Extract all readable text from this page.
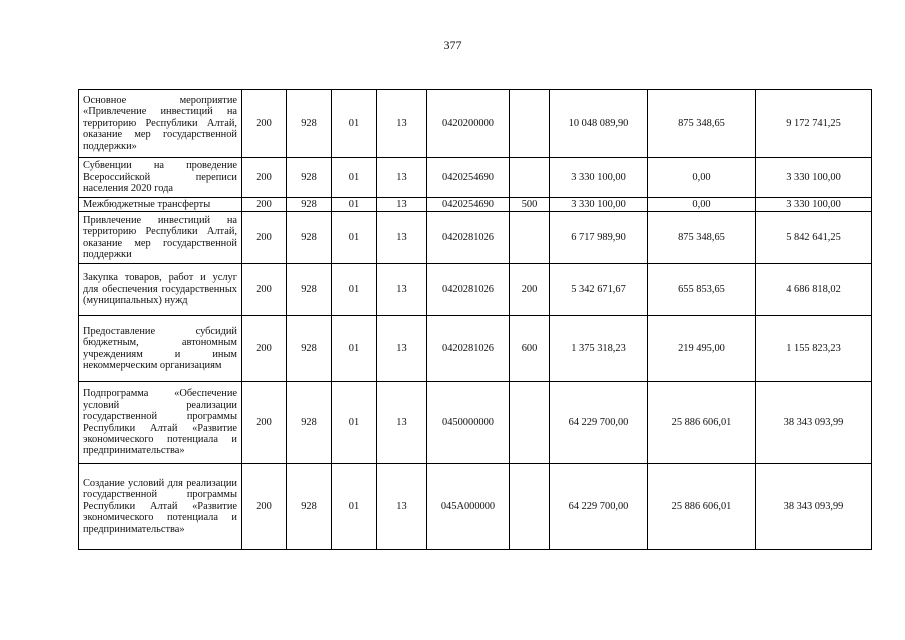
377
Основное мероприятие «Привлечение инвестиций на территорию Республики Алтай, оказание мер государственной поддержки»	200	928	01	13	0420200000		10 048 089,90	875 348,65	9 172 741,25
Субвенции на проведение Всероссийской переписи населения 2020 года	200	928	01	13	0420254690		3 330 100,00	0,00	3 330 100,00
Межбюджетные трансферты	200	928	01	13	0420254690	500	3 330 100,00	0,00	3 330 100,00
Привлечение инвестиций на территорию Республики Алтай, оказание мер государственной поддержки	200	928	01	13	0420281026		6 717 989,90	875 348,65	5 842 641,25
Закупка товаров, работ и услуг для обеспечения государственных (муниципальных) нужд	200	928	01	13	0420281026	200	5 342 671,67	655 853,65	4 686 818,02
Предоставление субсидий бюджетным, автономным учреждениям и иным некоммерческим организациям	200	928	01	13	0420281026	600	1 375 318,23	219 495,00	1 155 823,23
Подпрограмма «Обеспечение условий реализации государственной программы Республики Алтай «Развитие экономического потенциала и предпринимательства»	200	928	01	13	0450000000		64 229 700,00	25 886 606,01	38 343 093,99
Создание условий для реализации государственной программы Республики Алтай «Развитие экономического потенциала и предпринимательства»	200	928	01	13	045A000000		64 229 700,00	25 886 606,01	38 343 093,99
